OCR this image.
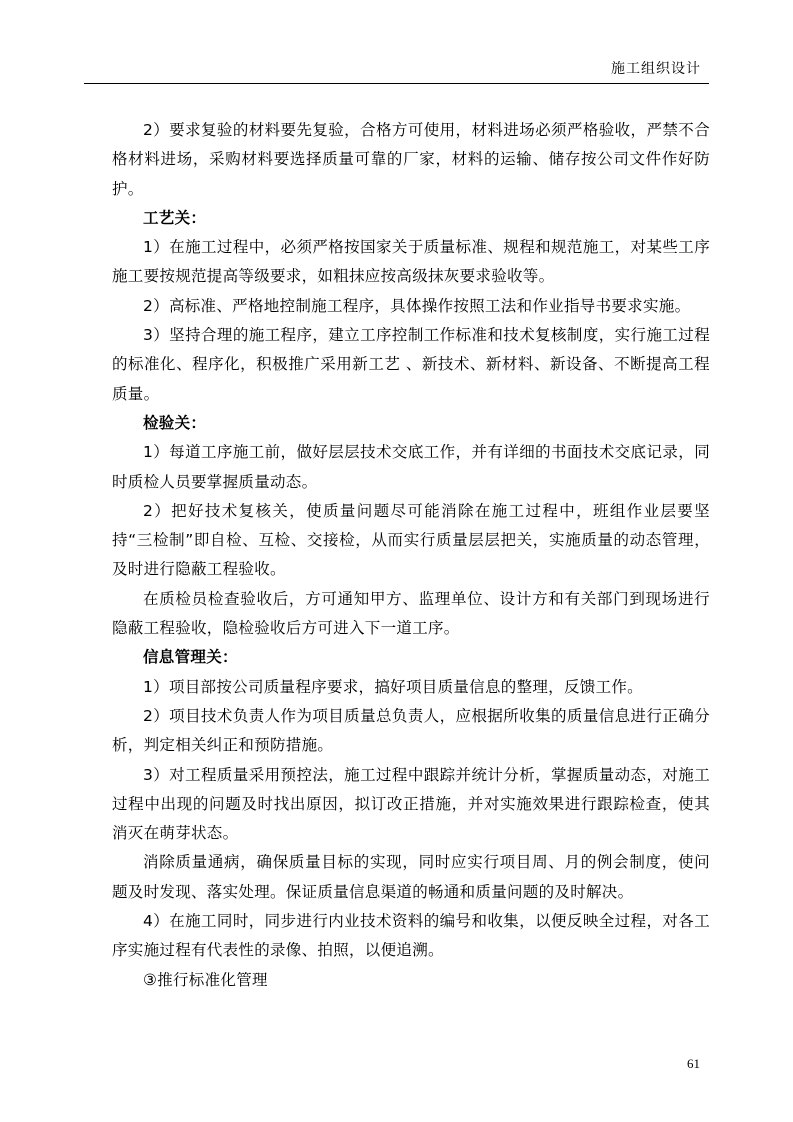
施工组织设计

2）要求复验的材料要先复验，合格方可使用，材料进场必须严格验收，严禁不合格材料进场，采购材料要选择质量可靠的厂家，材料的运输、储存按公司文件作好防护。

工艺关：

1）在施工过程中，必须严格按国家关于质量标准、规程和规范施工，对某些工序施工要按规范提高等级要求，如粗抹应按高级抹灰要求验收等。

2）高标准、严格地控制施工程序，具体操作按照工法和作业指导书要求实施。

3）坚持合理的施工程序，建立工序控制工作标准和技术复核制度，实行施工过程的标准化、程序化，积极推广采用新工艺 、新技术、新材料、新设备、不断提高工程质量。

检验关：

1）每道工序施工前，做好层层技术交底工作，并有详细的书面技术交底记录，同时质检人员要掌握质量动态。

2）把好技术复核关，使质量问题尽可能消除在施工过程中，班组作业层要坚持“三检制”即自检、互检、交接检，从而实行质量层层把关，实施质量的动态管理，及时进行隐蔽工程验收。

在质检员检查验收后，方可通知甲方、监理单位、设计方和有关部门到现场进行隐蔽工程验收，隐检验收后方可进入下一道工序。

信息管理关：

1）项目部按公司质量程序要求，搞好项目质量信息的整理，反馈工作。

2）项目技术负责人作为项目质量总负责人，应根据所收集的质量信息进行正确分析，判定相关纠正和预防措施。

3）对工程质量采用预控法，施工过程中跟踪并统计分析，掌握质量动态，对施工过程中出现的问题及时找出原因，拟订改正措施，并对实施效果进行跟踪检查，使其消灭在萌芽状态。

消除质量通病，确保质量目标的实现，同时应实行项目周、月的例会制度，使问题及时发现、落实处理。保证质量信息渠道的畅通和质量问题的及时解决。

4）在施工同时，同步进行内业技术资料的编号和收集，以便反映全过程，对各工序实施过程有代表性的录像、拍照，以便追溯。

③推行标准化管理

61
